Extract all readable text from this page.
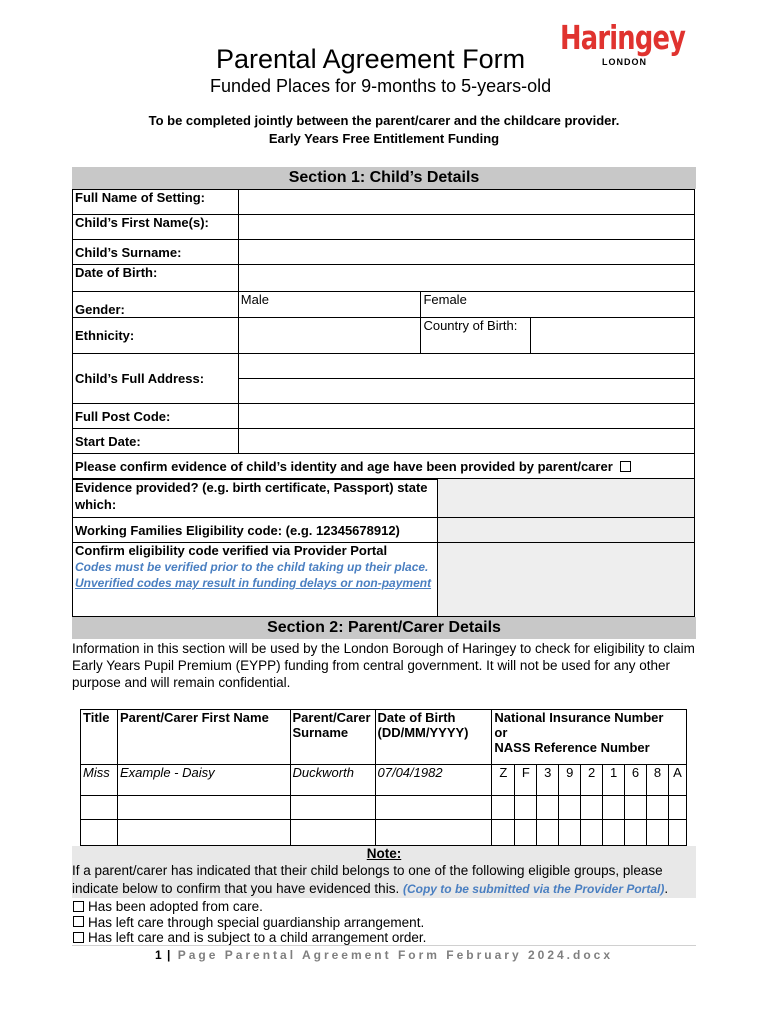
Parental Agreement Form
Funded Places for 9-months to 5-years-old
Haringey
LONDON
To be completed jointly between the parent/carer and the childcare provider.
Early Years Free Entitlement Funding
Section 1: Child’s Details
Full Name of Setting:			
Child’s First Name(s):			
Child’s Surname:			
Date of Birth:			
Gender:	Male	Female	
Ethnicity:		Country of Birth:	
Child’s Full Address:			

Full Post Code:			
Start Date:			
Please confirm evidence of child’s identity and age have been provided by parent/carer			
Evidence provided? (e.g. birth certificate, Passport) state which:	
Working Families Eligibility code: (e.g. 12345678912)	

Confirm eligibility code verified via Provider Portal
Codes must be verified prior to the child taking up their place. Unverified codes may result in funding delays or non-payment	

Section 2: Parent/Carer Details
Information in this section will be used by the London Borough of Haringey to check for eligibility to claim Early Years Pupil Premium (EYPP) funding from central government. It will not be used for any other purpose and will remain confidential.
Title	Parent/Carer First Name	Parent/Carer Surname	Date of Birth (DD/MM/YYYY)	National Insurance Number
or
NASS Reference Number								

Miss	Example - Daisy	Duckworth	07/04/1982	Z	F	3	9	2	1	6	8	A

Note:
If a parent/carer has indicated that their child belongs to one of the following eligible groups, please indicate below to confirm that you have evidenced this. (Copy to be submitted via the Provider Portal).
Has been adopted from care.
Has left care through special guardianship arrangement.
Has left care and is subject to a child arrangement order.
1 | Page Parental Agreement Form February 2024.docx
